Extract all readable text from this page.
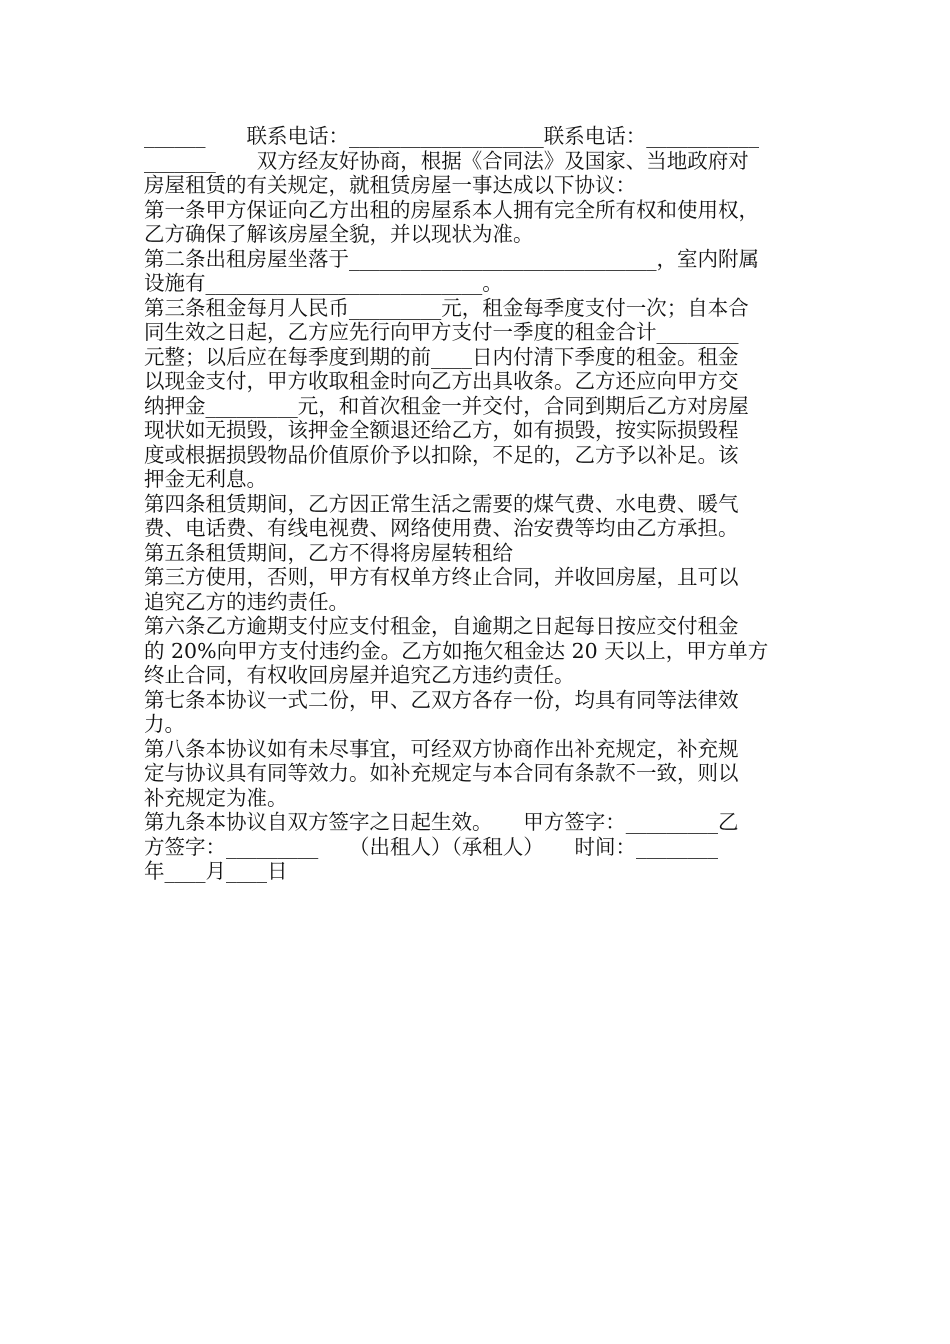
______　　联系电话：___________________联系电话：___________
_______　　双方经友好协商，根据《合同法》及国家、当地政府对
房屋租赁的有关规定，就租赁房屋一事达成以下协议：
第一条甲方保证向乙方出租的房屋系本人拥有完全所有权和使用权，
乙方确保了解该房屋全貌，并以现状为准。
第二条出租房屋坐落于______________________________，室内附属
设施有___________________________。
第三条租金每月人民币_________元，租金每季度支付一次；自本合
同生效之日起，乙方应先行向甲方支付一季度的租金合计________
元整；以后应在每季度到期的前____日内付清下季度的租金。租金
以现金支付，甲方收取租金时向乙方出具收条。乙方还应向甲方交
纳押金_________元，和首次租金一并交付，合同到期后乙方对房屋
现状如无损毁，该押金全额退还给乙方，如有损毁，按实际损毁程
度或根据损毁物品价值原价予以扣除，不足的，乙方予以补足。该
押金无利息。
第四条租赁期间，乙方因正常生活之需要的煤气费、水电费、暖气
费、电话费、有线电视费、网络使用费、治安费等均由乙方承担。
第五条租赁期间，乙方不得将房屋转租给
第三方使用，否则，甲方有权单方终止合同，并收回房屋，且可以
追究乙方的违约责任。
第六条乙方逾期支付应支付租金，自逾期之日起每日按应交付租金
的 20%向甲方支付违约金。乙方如拖欠租金达 20 天以上，甲方单方
终止合同，有权收回房屋并追究乙方违约责任。
第七条本协议一式二份，甲、乙双方各存一份，均具有同等法律效
力。
第八条本协议如有未尽事宜，可经双方协商作出补充规定，补充规
定与协议具有同等效力。如补充规定与本合同有条款不一致，则以
补充规定为准。
第九条本协议自双方签字之日起生效。　　甲方签字：_________乙
方签字：_________　　（出租人）（承租人）　　时间：________
年____月____日
